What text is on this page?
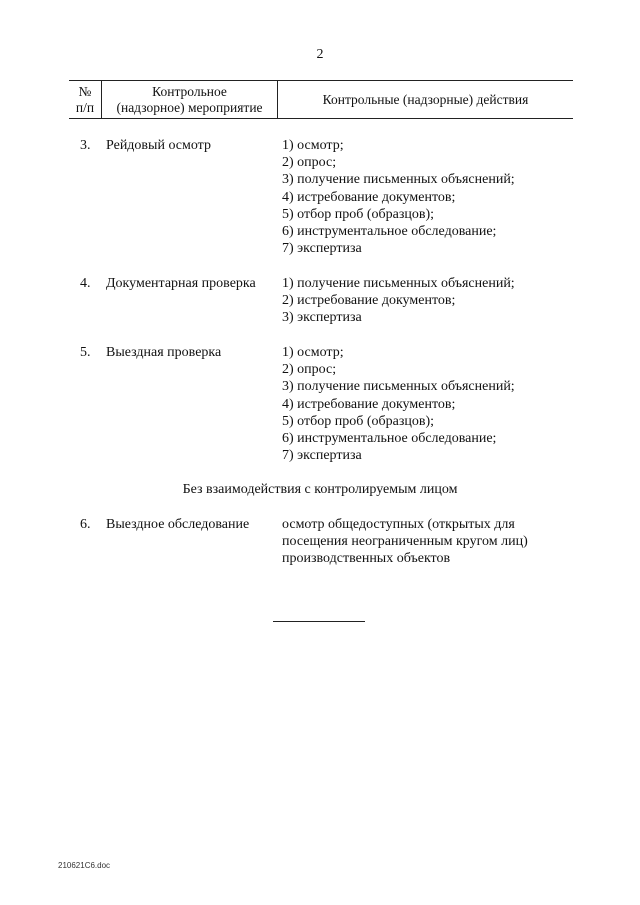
2
№
п/п
Контрольное
(надзорное) мероприятие
Контрольные (надзорные) действия
3. Рейдовый осмотр	1) осмотр;
2) опрос;
3) получение письменных объяснений;
4) истребование документов;
5) отбор проб (образцов);
6) инструментальное обследование;
7) экспертиза
4. Документарная проверка 1) получение письменных объяснений;
2) истребование документов;
3) экспертиза
5. Выездная проверка	1) осмотр;
2) опрос;
3) получение письменных объяснений;
4) истребование документов;
5) отбор проб (образцов);
6) инструментальное обследование;
7) экспертиза
Без взаимодействия с контролируемым лицом
6. Выездное обследование осмотр общедоступных (открытых для
посещения неограниченным кругом лиц)
производственных объектов
210621С6.doc
